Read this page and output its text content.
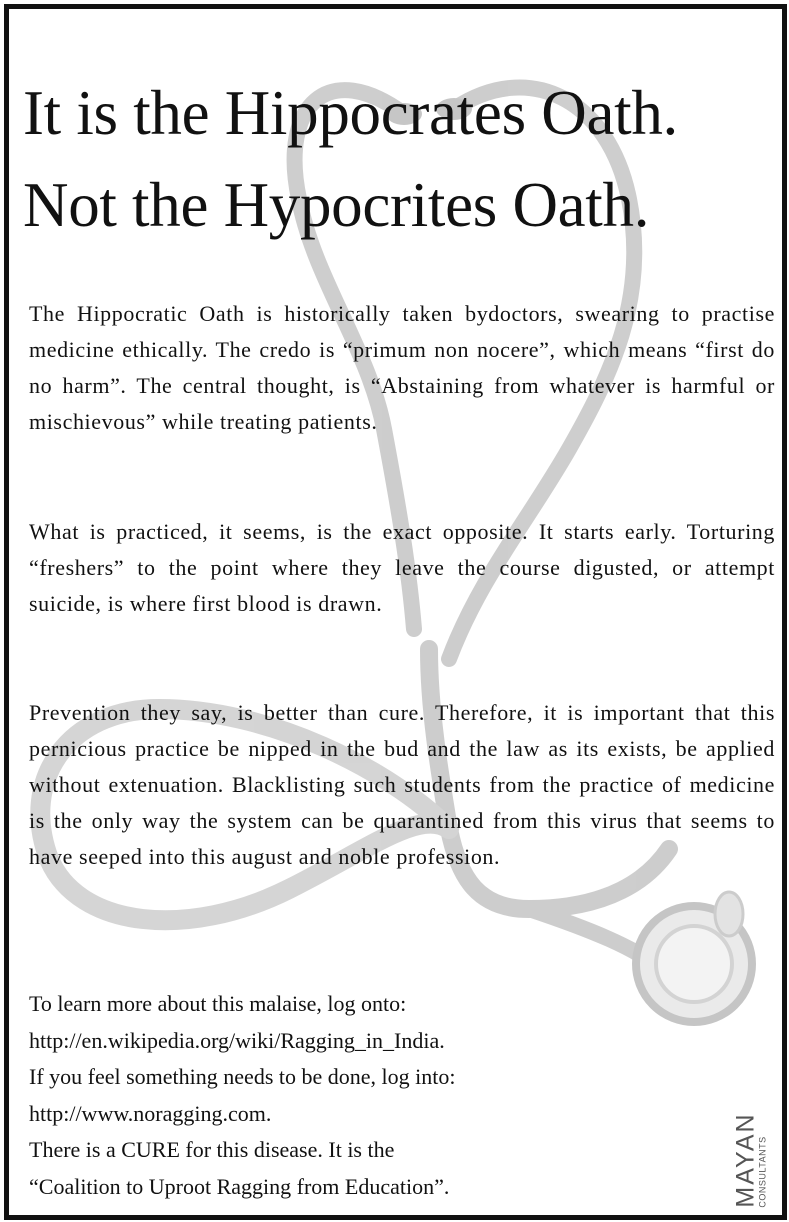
It is the Hippocrates Oath.
Not the Hypocrites Oath.
The Hippocratic Oath is historically taken bydoctors, swearing to practise medicine ethically. The credo is “primum non nocere”, which means “first do no harm”. The central thought, is “Abstaining from whatever is harmful or mischievous” while treating patients.
What is practiced, it seems, is the exact opposite. It starts early. Torturing “freshers” to the point where they leave the course digusted, or attempt suicide, is where first blood is drawn.
Prevention they say, is better than cure. Therefore, it is important that this pernicious practice be nipped in the bud and the law as its exists, be applied without extenuation. Blacklisting such students from the practice of medicine is the only way the system can be quarantined from this virus that seems to have seeped into this august and noble profession.
To learn more about this malaise, log onto:
http://en.wikipedia.org/wiki/Ragging_in_India.
If you feel something needs to be done, log into:
http://www.noragging.com.
There is a CURE for this disease. It is the
“Coalition to Uproot Ragging from Education”.	MAYAN
CONSULTANTS
